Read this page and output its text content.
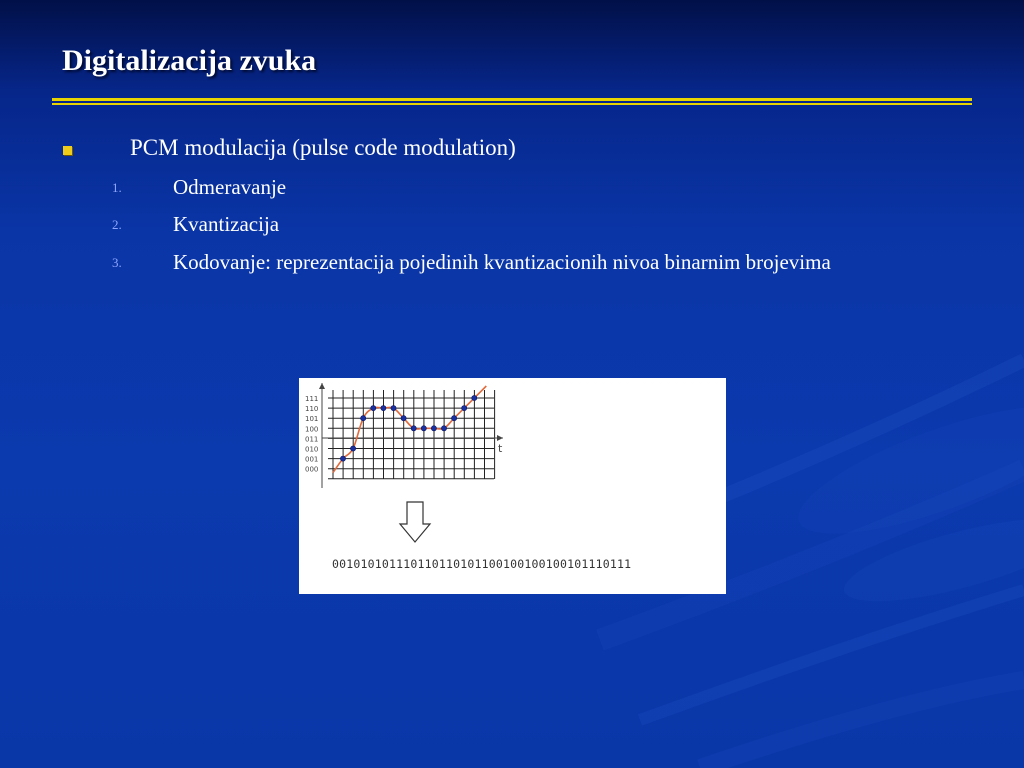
Digitalizacija zvuka
PCM modulacija (pulse code modulation)
1. Odmeravanje
2. Kvantizacija
3. Kodovanje: reprezentacija pojedinih kvantizacionih nivoa binarnim brojevima
t
111
110
101
100
011
010
001
000
001010101110110110101100100100100101110111
